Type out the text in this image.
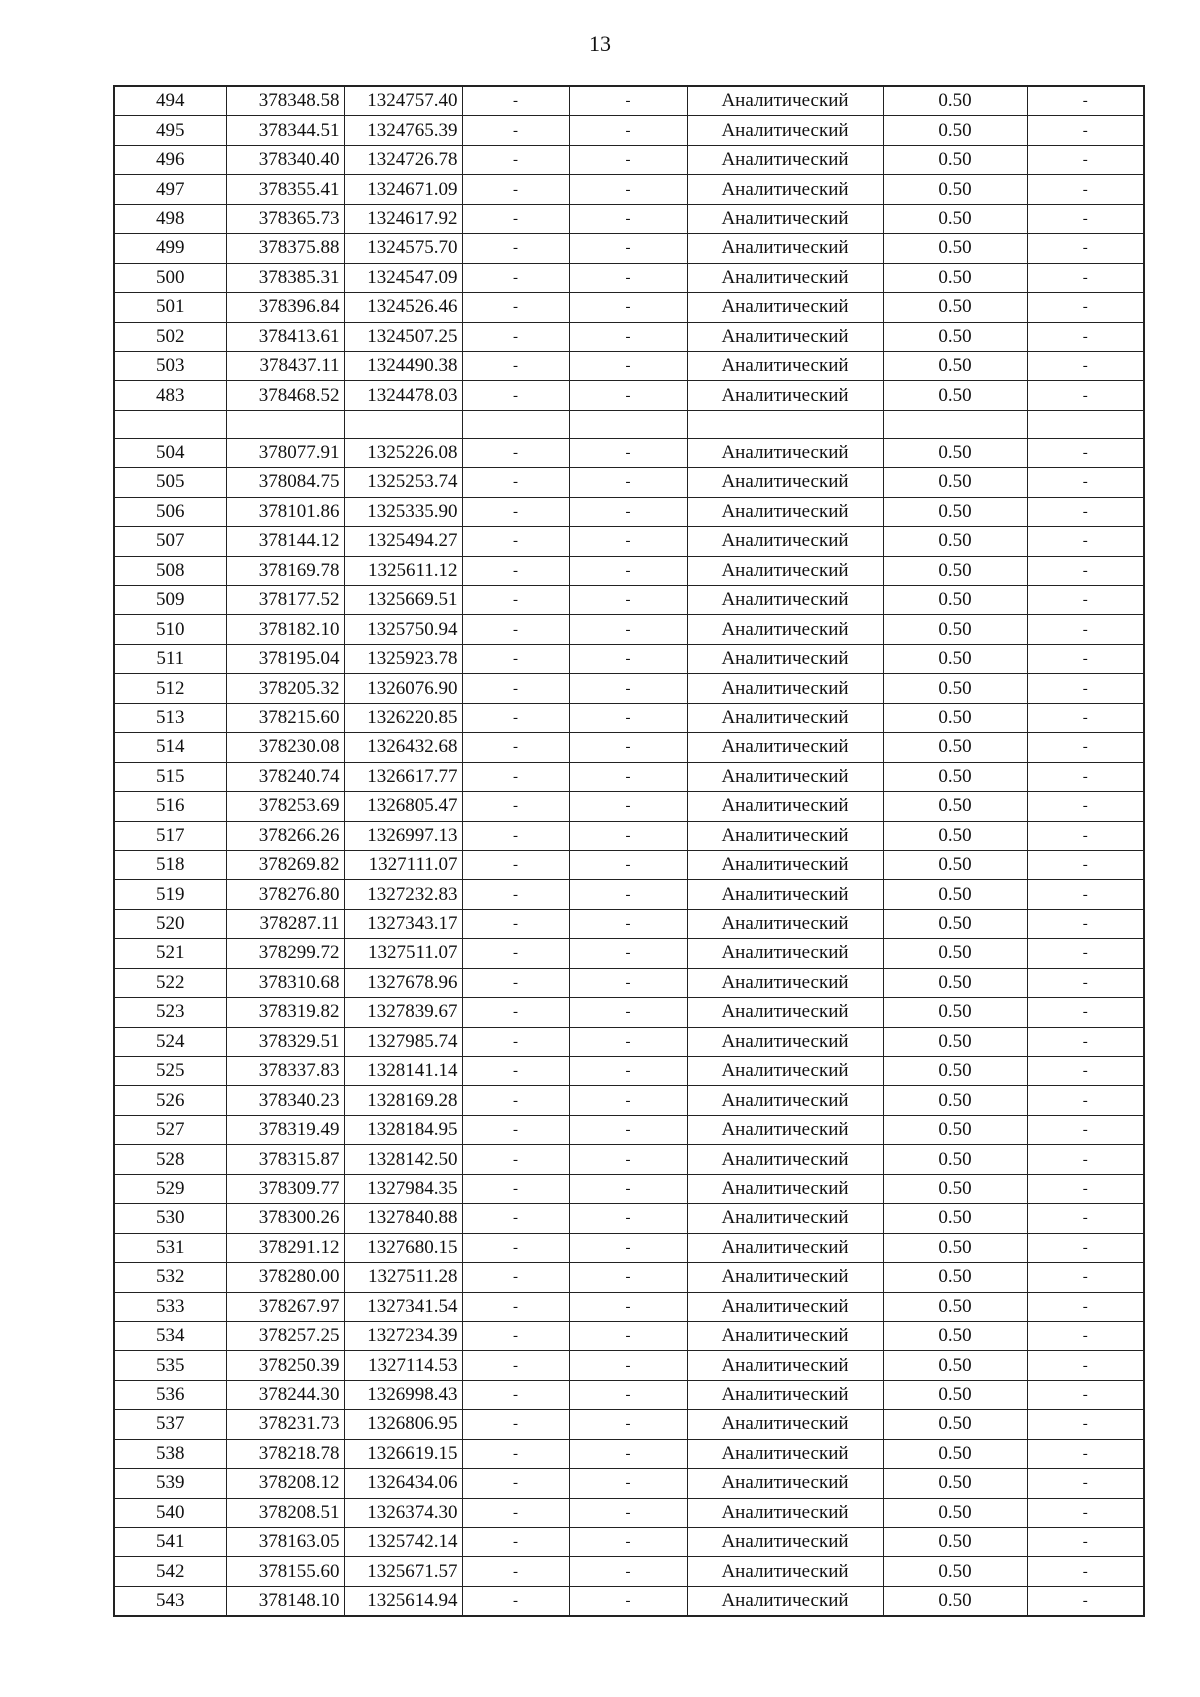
13
494	378348.58	1324757.40	-	-	Аналитический	0.50	-
495	378344.51	1324765.39	-	-	Аналитический	0.50	-
496	378340.40	1324726.78	-	-	Аналитический	0.50	-
497	378355.41	1324671.09	-	-	Аналитический	0.50	-
498	378365.73	1324617.92	-	-	Аналитический	0.50	-
499	378375.88	1324575.70	-	-	Аналитический	0.50	-
500	378385.31	1324547.09	-	-	Аналитический	0.50	-
501	378396.84	1324526.46	-	-	Аналитический	0.50	-
502	378413.61	1324507.25	-	-	Аналитический	0.50	-
503	378437.11	1324490.38	-	-	Аналитический	0.50	-
483	378468.52	1324478.03	-	-	Аналитический	0.50	-

504	378077.91	1325226.08	-	-	Аналитический	0.50	-
505	378084.75	1325253.74	-	-	Аналитический	0.50	-
506	378101.86	1325335.90	-	-	Аналитический	0.50	-
507	378144.12	1325494.27	-	-	Аналитический	0.50	-
508	378169.78	1325611.12	-	-	Аналитический	0.50	-
509	378177.52	1325669.51	-	-	Аналитический	0.50	-
510	378182.10	1325750.94	-	-	Аналитический	0.50	-
511	378195.04	1325923.78	-	-	Аналитический	0.50	-
512	378205.32	1326076.90	-	-	Аналитический	0.50	-
513	378215.60	1326220.85	-	-	Аналитический	0.50	-
514	378230.08	1326432.68	-	-	Аналитический	0.50	-
515	378240.74	1326617.77	-	-	Аналитический	0.50	-
516	378253.69	1326805.47	-	-	Аналитический	0.50	-
517	378266.26	1326997.13	-	-	Аналитический	0.50	-
518	378269.82	1327111.07	-	-	Аналитический	0.50	-
519	378276.80	1327232.83	-	-	Аналитический	0.50	-
520	378287.11	1327343.17	-	-	Аналитический	0.50	-
521	378299.72	1327511.07	-	-	Аналитический	0.50	-
522	378310.68	1327678.96	-	-	Аналитический	0.50	-
523	378319.82	1327839.67	-	-	Аналитический	0.50	-
524	378329.51	1327985.74	-	-	Аналитический	0.50	-
525	378337.83	1328141.14	-	-	Аналитический	0.50	-
526	378340.23	1328169.28	-	-	Аналитический	0.50	-
527	378319.49	1328184.95	-	-	Аналитический	0.50	-
528	378315.87	1328142.50	-	-	Аналитический	0.50	-
529	378309.77	1327984.35	-	-	Аналитический	0.50	-
530	378300.26	1327840.88	-	-	Аналитический	0.50	-
531	378291.12	1327680.15	-	-	Аналитический	0.50	-
532	378280.00	1327511.28	-	-	Аналитический	0.50	-
533	378267.97	1327341.54	-	-	Аналитический	0.50	-
534	378257.25	1327234.39	-	-	Аналитический	0.50	-
535	378250.39	1327114.53	-	-	Аналитический	0.50	-
536	378244.30	1326998.43	-	-	Аналитический	0.50	-
537	378231.73	1326806.95	-	-	Аналитический	0.50	-
538	378218.78	1326619.15	-	-	Аналитический	0.50	-
539	378208.12	1326434.06	-	-	Аналитический	0.50	-
540	378208.51	1326374.30	-	-	Аналитический	0.50	-
541	378163.05	1325742.14	-	-	Аналитический	0.50	-
542	378155.60	1325671.57	-	-	Аналитический	0.50	-
543	378148.10	1325614.94	-	-	Аналитический	0.50	-
